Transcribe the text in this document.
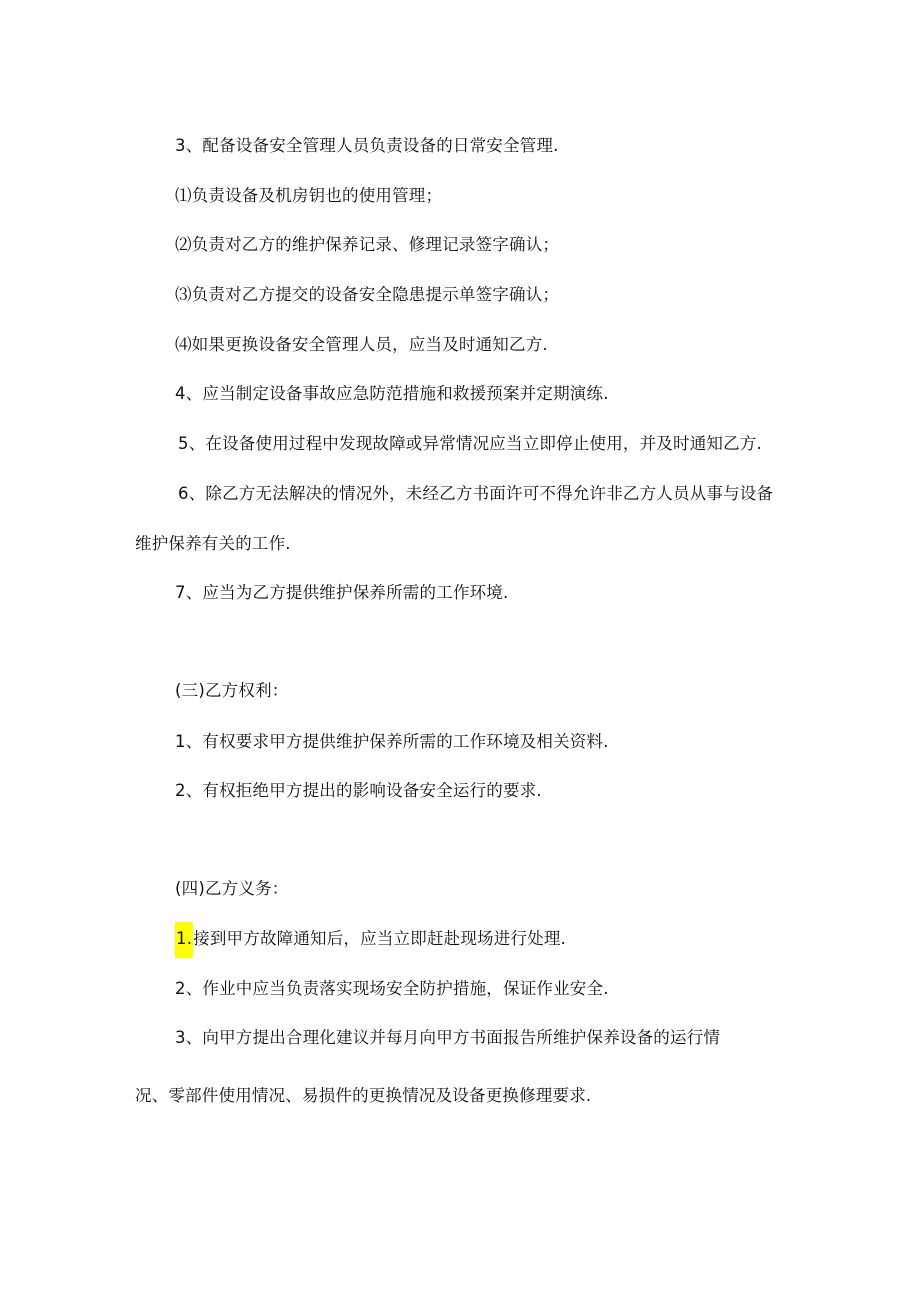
3、配备设备安全管理人员负责设备的日常安全管理.
⑴负责设备及机房钥也的使用管理；
⑵负责对乙方的维护保养记录、修理记录签字确认；
⑶负责对乙方提交的设备安全隐患提示单签字确认；
⑷如果更换设备安全管理人员，应当及时通知乙方.
4、应当制定设备事故应急防范措施和救援预案并定期演练.
5、在设备使用过程中发现故障或异常情况应当立即停止使用，并及时通知乙方.
6、除乙方无法解决的情况外，未经乙方书面许可不得允许非乙方人员从事与设备
维护保养有关的工作.
7、应当为乙方提供维护保养所需的工作环境.
(三)乙方权利：
1、有权要求甲方提供维护保养所需的工作环境及相关资料.
2、有权拒绝甲方提出的影响设备安全运行的要求.
(四)乙方义务：
1.接到甲方故障通知后，应当立即赶赴现场进行处理.
2、作业中应当负责落实现场安全防护措施，保证作业安全.
3、向甲方提出合理化建议并每月向甲方书面报告所维护保养设备的运行情
况、零部件使用情况、易损件的更换情况及设备更换修理要求.
